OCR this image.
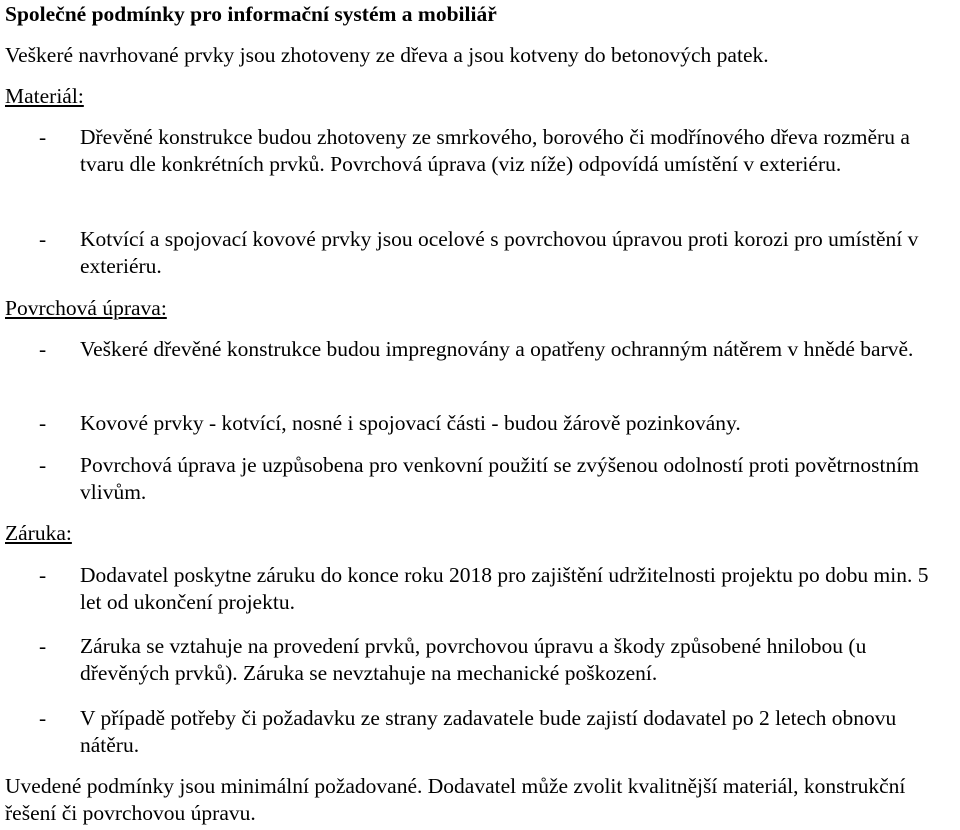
Společné podmínky pro informační systém a mobiliář

Veškeré navrhované prvky jsou zhotoveny ze dřeva a jsou kotveny do betonových patek.

Materiál:

- Dřevěné konstrukce budou zhotoveny ze smrkového, borového či modřínového dřeva rozměru a tvaru dle konkrétních prvků. Povrchová úprava (viz níže) odpovídá umístění v exteriéru.

- Kotvící a spojovací kovové prvky jsou ocelové s povrchovou úpravou proti korozi pro umístění v exteriéru.

Povrchová úprava:

- Veškeré dřevěné konstrukce budou impregnovány a opatřeny ochranným nátěrem v hnědé barvě.

- Kovové prvky - kotvící, nosné i spojovací části - budou žárově pozinkovány.

- Povrchová úprava je uzpůsobena pro venkovní použití se zvýšenou odolností proti povětrnostním vlivům.

Záruka:

- Dodavatel poskytne záruku do konce roku 2018 pro zajištění udržitelnosti projektu po dobu min. 5 let od ukončení projektu.

- Záruka se vztahuje na provedení prvků, povrchovou úpravu a škody způsobené hnilobou (u dřevěných prvků). Záruka se nevztahuje na mechanické poškození.

- V případě potřeby či požadavku ze strany zadavatele bude zajistí dodavatel po 2 letech obnovu nátěru.

Uvedené podmínky jsou minimální požadované. Dodavatel může zvolit kvalitnější materiál, konstrukční řešení či povrchovou úpravu.
